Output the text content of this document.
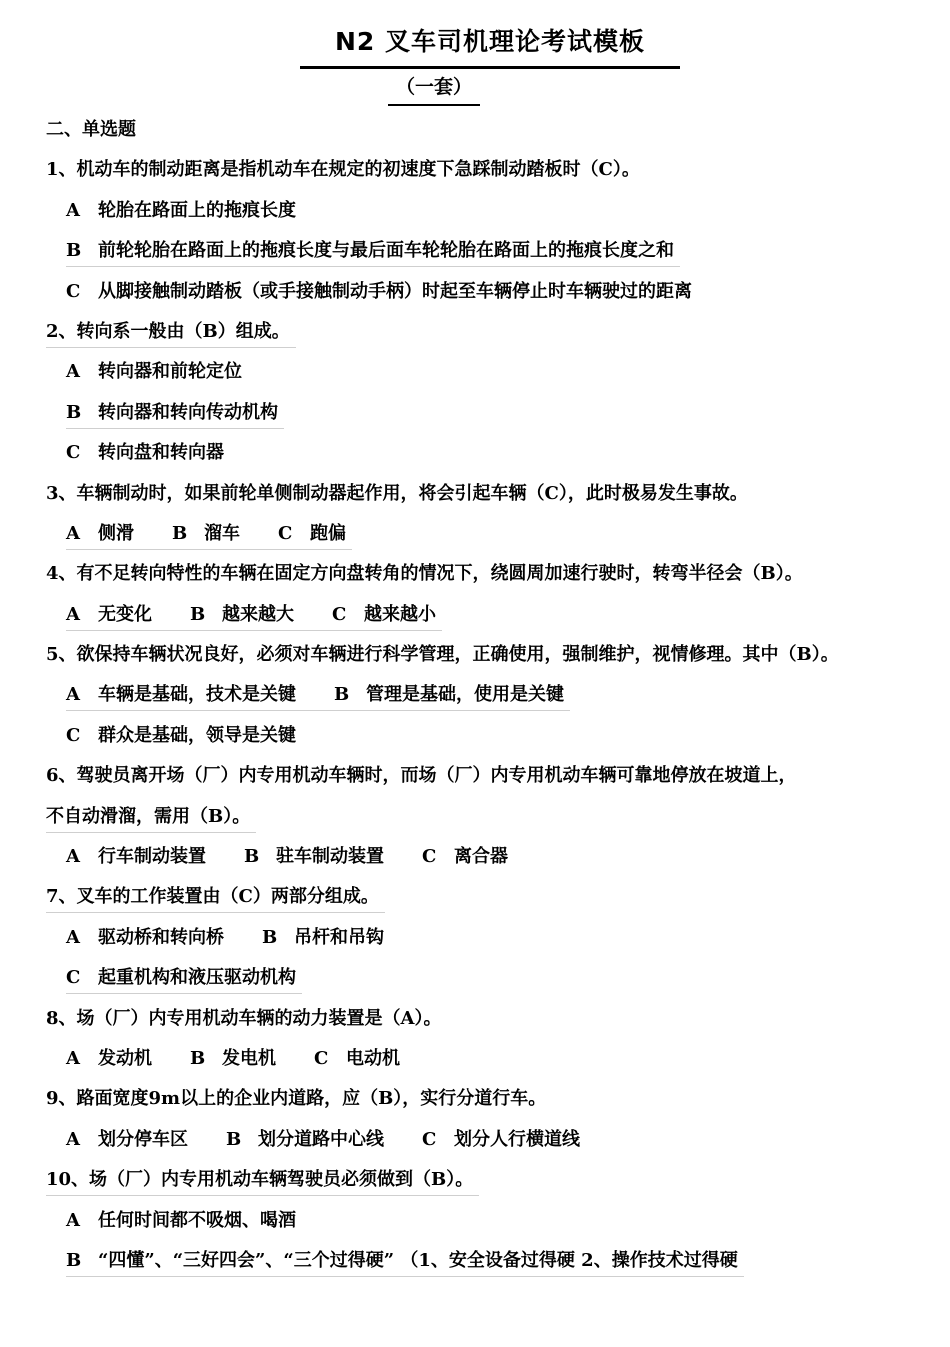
N2 叉车司机理论考试模板
（一套）
二、单选题
1、机动车的制动距离是指机动车在规定的初速度下急踩制动踏板时（C）。
A 轮胎在路面上的拖痕长度
B 前轮轮胎在路面上的拖痕长度与最后面车轮轮胎在路面上的拖痕长度之和
C 从脚接触制动踏板（或手接触制动手柄）时起至车辆停止时车辆驶过的距离
2、转向系一般由（B）组成。
A 转向器和前轮定位
B 转向器和转向传动机构
C 转向盘和转向器
3、车辆制动时，如果前轮单侧制动器起作用，将会引起车辆（C），此时极易发生事故。
A 侧滑 B 溜车 C 跑偏
4、有不足转向特性的车辆在固定方向盘转角的情况下，绕圆周加速行驶时，转弯半径会（B）。
A 无变化 B 越来越大 C 越来越小
5、欲保持车辆状况良好，必须对车辆进行科学管理，正确使用，强制维护，视情修理。其中（B）。
A 车辆是基础，技术是关键 B 管理是基础，使用是关键
C 群众是基础，领导是关键
6、驾驶员离开场（厂）内专用机动车辆时，而场（厂）内专用机动车辆可靠地停放在坡道上，
不自动滑溜，需用（B）。
A 行车制动装置 B 驻车制动装置 C 离合器
7、叉车的工作装置由（C）两部分组成。
A 驱动桥和转向桥 B 吊杆和吊钩
C 起重机构和液压驱动机构
8、场（厂）内专用机动车辆的动力装置是（A）。
A 发动机 B 发电机 C 电动机
9、路面宽度9m以上的企业内道路，应（B），实行分道行车。
A 划分停车区 B 划分道路中心线 C 划分人行横道线
10、场（厂）内专用机动车辆驾驶员必须做到（B）。
A 任何时间都不吸烟、喝酒
B “四懂”、“三好四会”、“三个过得硬” （1、安全设备过得硬 2、操作技术过得硬
